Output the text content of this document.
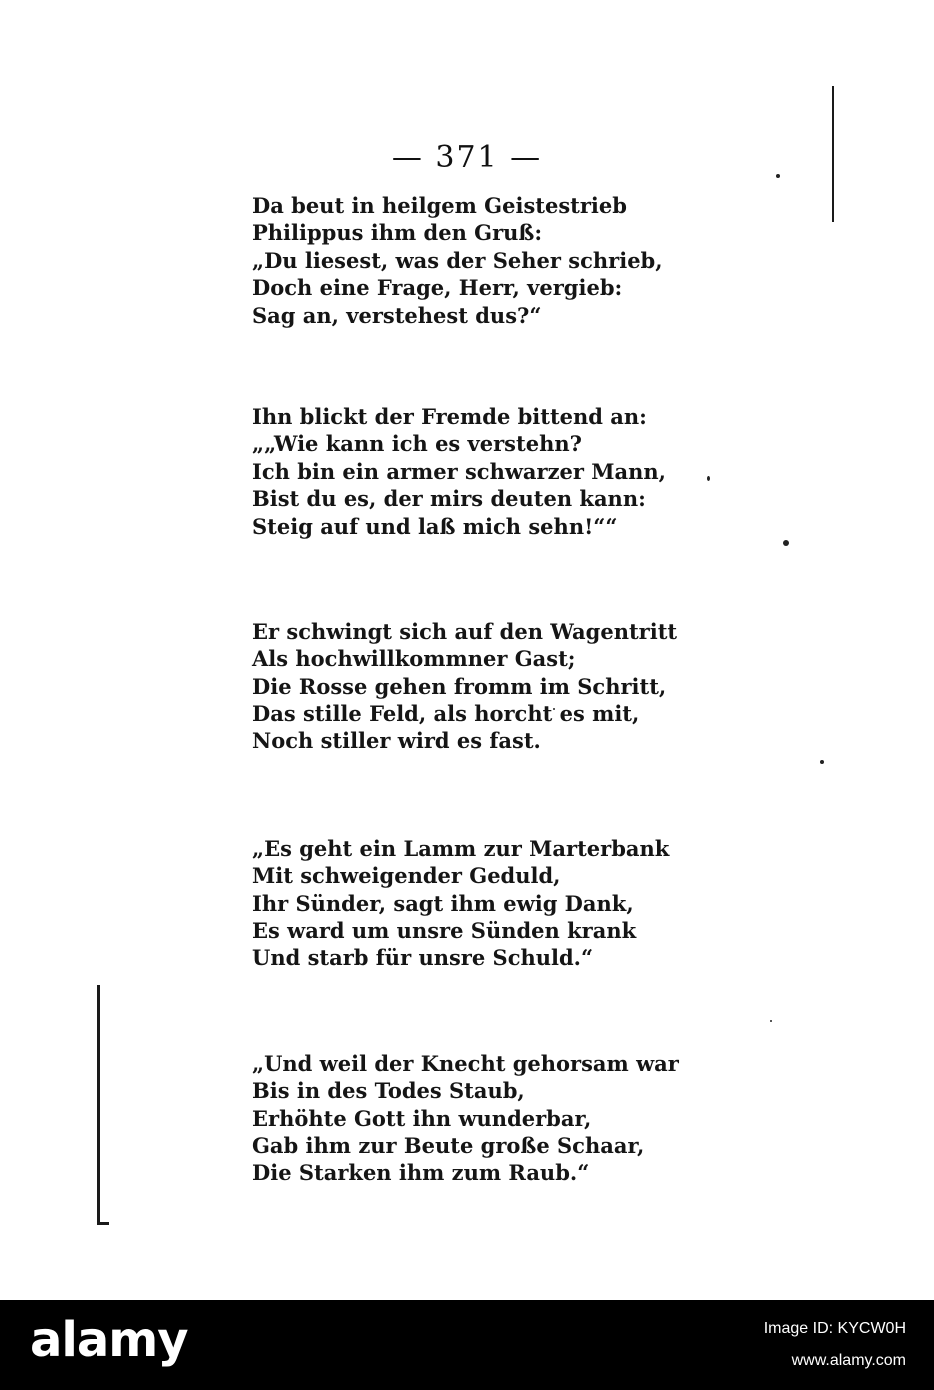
— 371 —
Da beut in heilgem Geistestrieb
Philippus ihm den Gruß:
„Du liesest, was der Seher schrieb,
Doch eine Frage, Herr, vergieb:
Sag an, verstehest dus?“
Ihn blickt der Fremde bittend an:
„„Wie kann ich es verstehn?
Ich bin ein armer schwarzer Mann,
Bist du es, der mirs deuten kann:
Steig auf und laß mich sehn!““
Er schwingt sich auf den Wagentritt
Als hochwillkommner Gast;
Die Rosse gehen fromm im Schritt,
Das stille Feld, als horcht es mit,
Noch stiller wird es fast.
„Es geht ein Lamm zur Marterbank
Mit schweigender Geduld,
Ihr Sünder, sagt ihm ewig Dank,
Es ward um unsre Sünden krank
Und starb für unsre Schuld.“
„Und weil der Knecht gehorsam war
Bis in des Todes Staub,
Erhöhte Gott ihn wunderbar,
Gab ihm zur Beute große Schaar,
Die Starken ihm zum Raub.“
alamy	Image ID: KYCW0H
www.alamy.com
